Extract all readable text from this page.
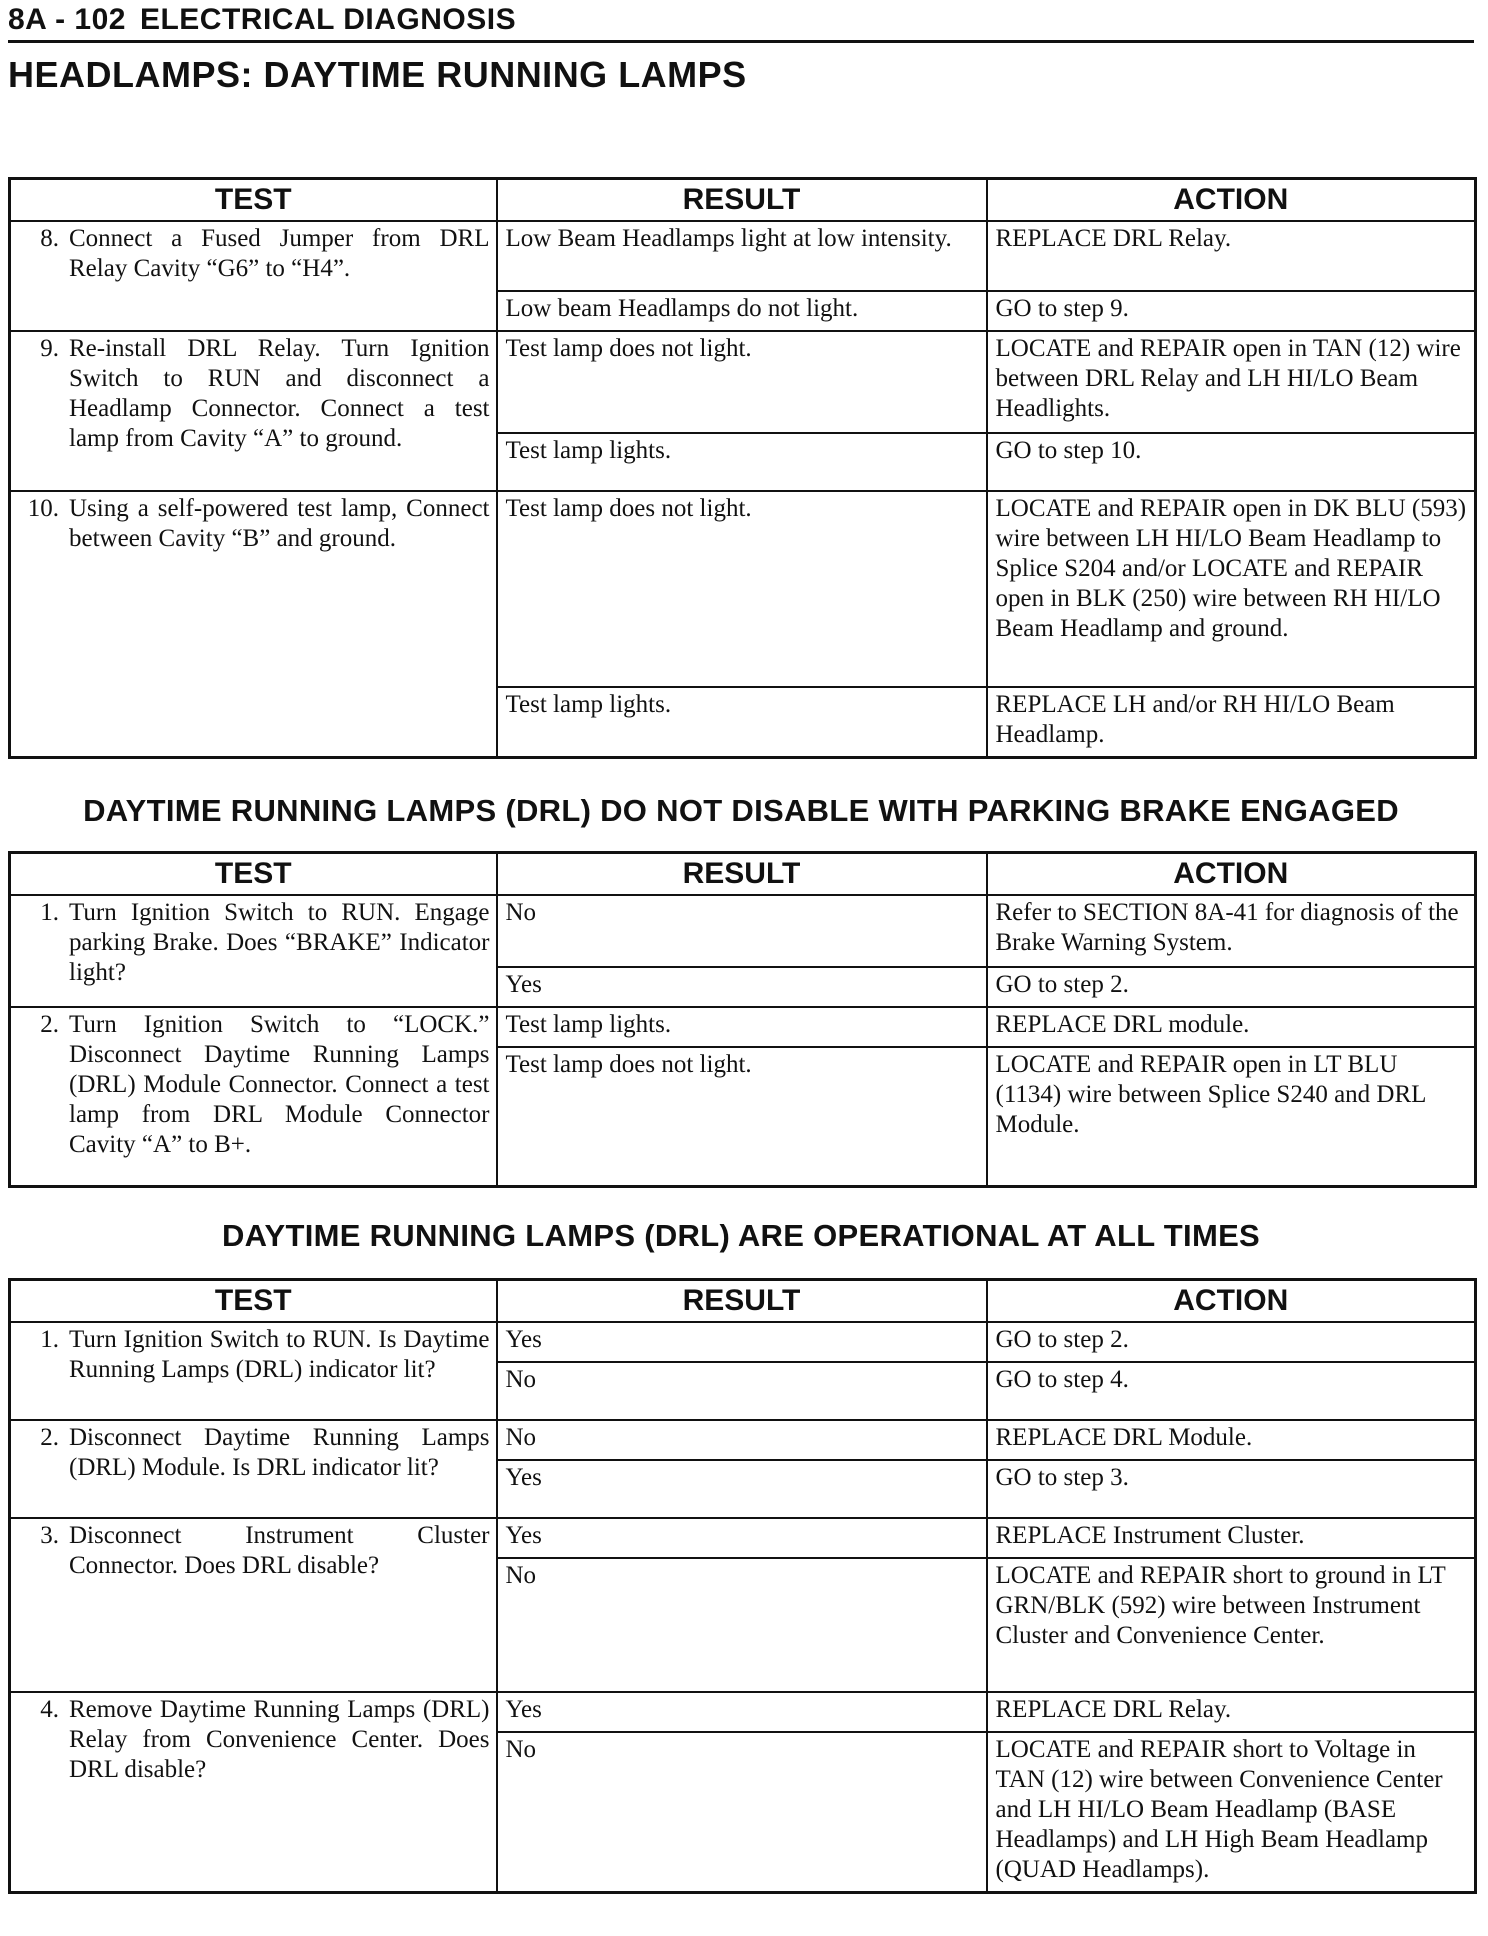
8A - 102 ELECTRICAL DIAGNOSIS
HEADLAMPS: DAYTIME RUNNING LAMPS
TEST	RESULT	ACTION

8. Connect a Fused Jumper from DRL Relay Cavity “G6” to “H4”.	Low Beam Headlamps light at low intensity.	REPLACE DRL Relay.
	Low beam Headlamps do not light.	GO to step 9.

9. Re-install DRL Relay. Turn Ignition Switch to RUN and disconnect a Headlamp Connector. Connect a test lamp from Cavity “A” to ground.	Test lamp does not light.	LOCATE and REPAIR open in TAN (12) wire between DRL Relay and LH HI/LO Beam Headlights.
	Test lamp lights.	GO to step 10.

10. Using a self-powered test lamp, Connect between Cavity “B” and ground.	Test lamp does not light.	LOCATE and REPAIR open in DK BLU (593) wire between LH HI/LO Beam Headlamp to Splice S204 and/or LOCATE and REPAIR open in BLK (250) wire between RH HI/LO Beam Headlamp and ground.
	Test lamp lights.	REPLACE LH and/or RH HI/LO Beam Headlamp.
DAYTIME RUNNING LAMPS (DRL) DO NOT DISABLE WITH PARKING BRAKE ENGAGED
TEST	RESULT	ACTION

1. Turn Ignition Switch to RUN. Engage parking Brake. Does “BRAKE” Indicator light?	No	Refer to SECTION 8A-41 for diagnosis of the Brake Warning System.
	Yes	GO to step 2.

2. Turn Ignition Switch to “LOCK.” Disconnect Daytime Running Lamps (DRL) Module Connector. Connect a test lamp from DRL Module Connector Cavity “A” to B+.	Test lamp lights.	REPLACE DRL module.
	Test lamp does not light.	LOCATE and REPAIR open in LT BLU (1134) wire between Splice S240 and DRL Module.
DAYTIME RUNNING LAMPS (DRL) ARE OPERATIONAL AT ALL TIMES
TEST	RESULT	ACTION

1. Turn Ignition Switch to RUN. Is Daytime Running Lamps (DRL) indicator lit?	Yes	GO to step 2.
	No	GO to step 4.

2. Disconnect Daytime Running Lamps (DRL) Module. Is DRL indicator lit?	No	REPLACE DRL Module.
	Yes	GO to step 3.

3. Disconnect Instrument Cluster Connector. Does DRL disable?	Yes	REPLACE Instrument Cluster.
	No	LOCATE and REPAIR short to ground in LT GRN/BLK (592) wire between Instrument Cluster and Convenience Center.

4. Remove Daytime Running Lamps (DRL) Relay from Convenience Center. Does DRL disable?	Yes	REPLACE DRL Relay.
	No	LOCATE and REPAIR short to Voltage in TAN (12) wire between Convenience Center and LH HI/LO Beam Headlamp (BASE Headlamps) and LH High Beam Headlamp (QUAD Headlamps).
